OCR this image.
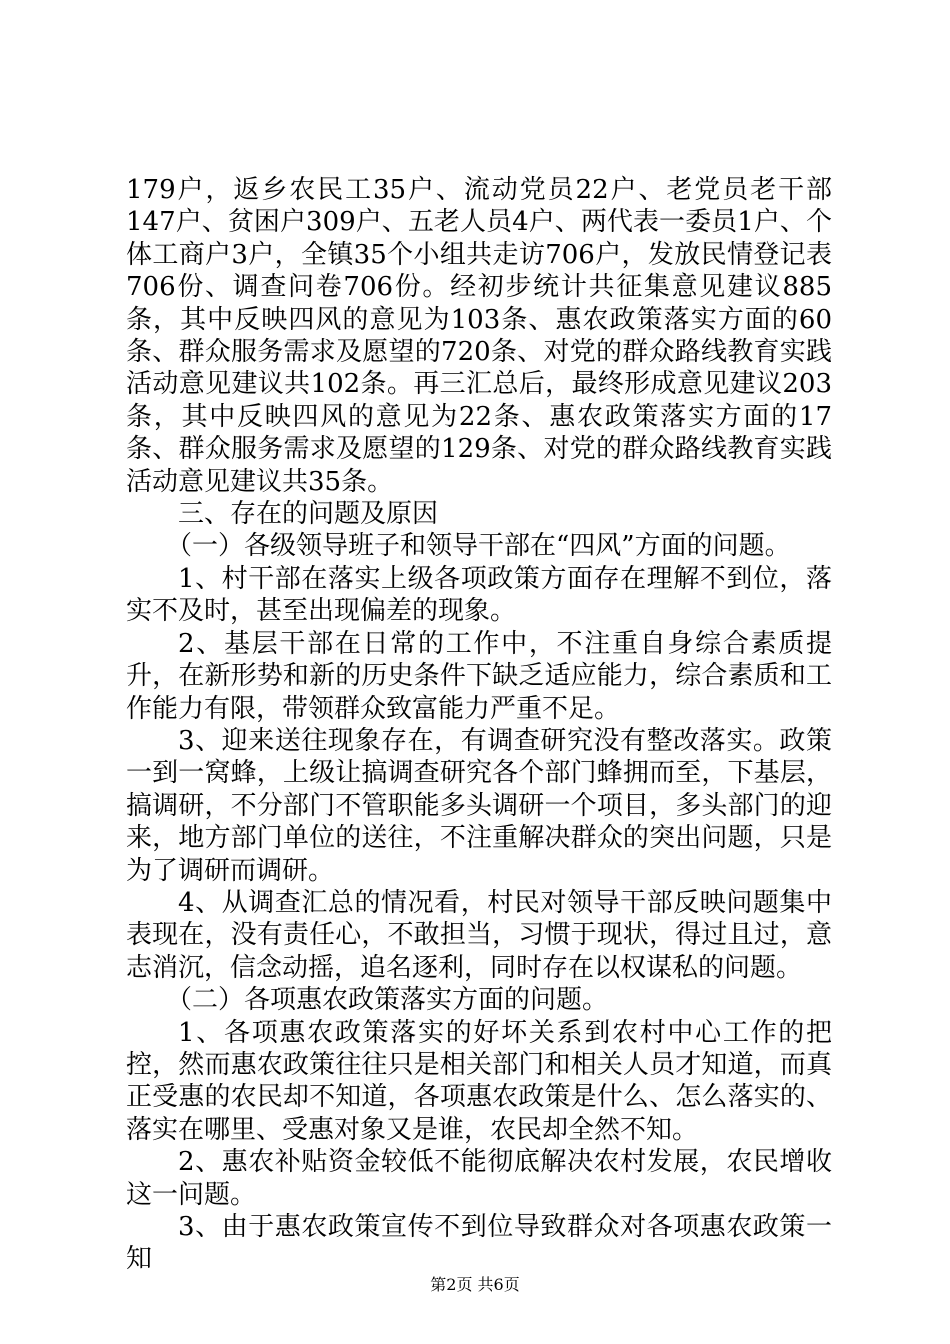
179户，返乡农民工35户、流动党员22户、老党员老干部147户、贫困户309户、五老人员4户、两代表一委员1户、个体工商户3户，全镇35个小组共走访706户，发放民情登记表706份、调查问卷706份。经初步统计共征集意见建议885条，其中反映四风的意见为103条、惠农政策落实方面的60条、群众服务需求及愿望的720条、对党的群众路线教育实践活动意见建议共102条。再三汇总后，最终形成意见建议203条，其中反映四风的意见为22条、惠农政策落实方面的17条、群众服务需求及愿望的129条、对党的群众路线教育实践活动意见建议共35条。

三、存在的问题及原因

（一）各级领导班子和领导干部在“四风”方面的问题。

1、村干部在落实上级各项政策方面存在理解不到位，落实不及时，甚至出现偏差的现象。

2、基层干部在日常的工作中，不注重自身综合素质提升，在新形势和新的历史条件下缺乏适应能力，综合素质和工作能力有限，带领群众致富能力严重不足。

3、迎来送往现象存在，有调查研究没有整改落实。政策一到一窝蜂，上级让搞调查研究各个部门蜂拥而至，下基层，搞调研，不分部门不管职能多头调研一个项目，多头部门的迎来，地方部门单位的送往，不注重解决群众的突出问题，只是为了调研而调研。

4、从调查汇总的情况看，村民对领导干部反映问题集中表现在，没有责任心，不敢担当，习惯于现状，得过且过，意志消沉，信念动摇，追名逐利，同时存在以权谋私的问题。

（二）各项惠农政策落实方面的问题。

1、各项惠农政策落实的好坏关系到农村中心工作的把控，然而惠农政策往往只是相关部门和相关人员才知道，而真正受惠的农民却不知道，各项惠农政策是什么、怎么落实的、落实在哪里、受惠对象又是谁，农民却全然不知。

2、惠农补贴资金较低不能彻底解决农村发展，农民增收这一问题。

3、由于惠农政策宣传不到位导致群众对各项惠农政策一知

第2页 共6页
